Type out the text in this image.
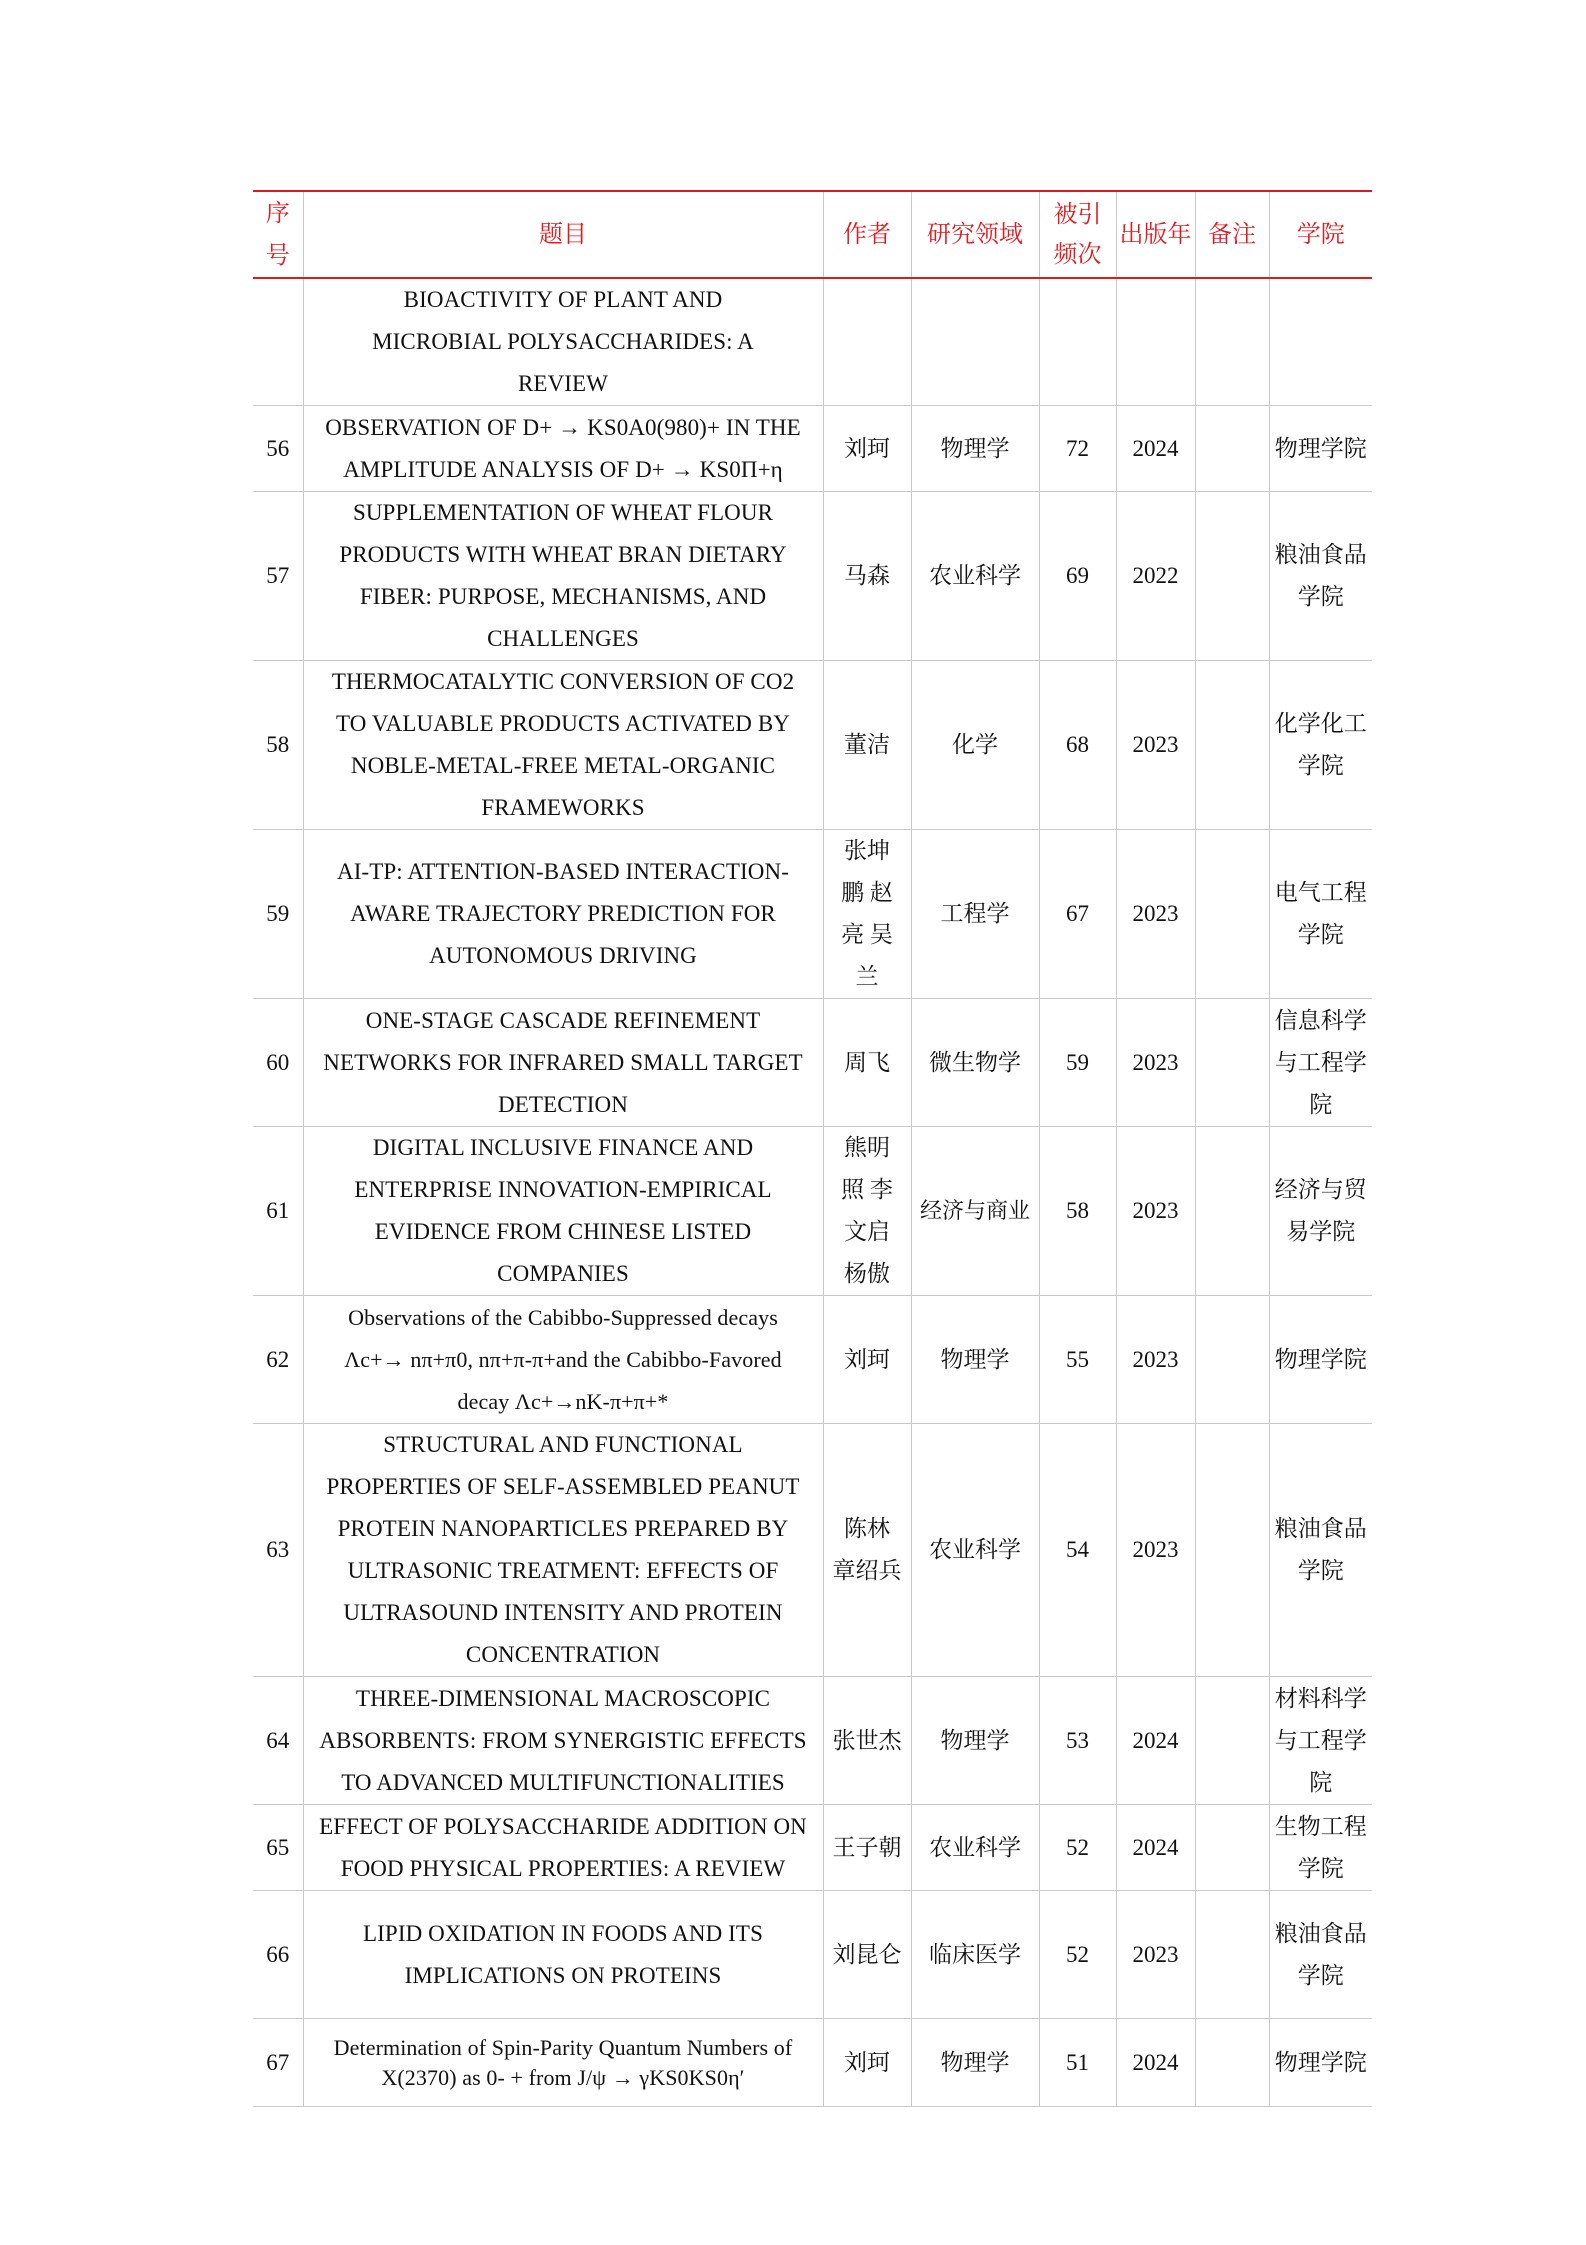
序号	题目	作者	研究领域	被引频次	出版年	备注	学院
	BIOACTIVITY OF PLANT AND MICROBIAL POLYSACCHARIDES: A REVIEW						
56	OBSERVATION OF D+ → KS0A0(980)+ IN THE AMPLITUDE ANALYSIS OF D+ → KS0Π+η	刘珂	物理学	72	2024		物理学院
57	SUPPLEMENTATION OF WHEAT FLOUR PRODUCTS WITH WHEAT BRAN DIETARY FIBER: PURPOSE, MECHANISMS, AND CHALLENGES	马森	农业科学	69	2022		粮油食品学院
58	THERMOCATALYTIC CONVERSION OF CO2 TO VALUABLE PRODUCTS ACTIVATED BY NOBLE-METAL-FREE METAL-ORGANIC FRAMEWORKS	董洁	化学	68	2023		化学化工学院
59	AI-TP: ATTENTION-BASED INTERACTION-AWARE TRAJECTORY PREDICTION FOR AUTONOMOUS DRIVING	张坤鹏 赵亮 吴兰	工程学	67	2023		电气工程学院
60	ONE-STAGE CASCADE REFINEMENT NETWORKS FOR INFRARED SMALL TARGET DETECTION	周飞	微生物学	59	2023		信息科学与工程学院
61	DIGITAL INCLUSIVE FINANCE AND ENTERPRISE INNOVATION-EMPIRICAL EVIDENCE FROM CHINESE LISTED COMPANIES	熊明照 李文启 杨傲	经济与商业	58	2023		经济与贸易学院
62	Observations of the Cabibbo-Suppressed decays Λc+→ nπ+π0, nπ+π-π+and the Cabibbo-Favored decay Λc+→nK-π+π+*	刘珂	物理学	55	2023		物理学院
63	STRUCTURAL AND FUNCTIONAL PROPERTIES OF SELF-ASSEMBLED PEANUT PROTEIN NANOPARTICLES PREPARED BY ULTRASONIC TREATMENT: EFFECTS OF ULTRASOUND INTENSITY AND PROTEIN CONCENTRATION	陈林 章绍兵	农业科学	54	2023		粮油食品学院
64	THREE-DIMENSIONAL MACROSCOPIC ABSORBENTS: FROM SYNERGISTIC EFFECTS TO ADVANCED MULTIFUNCTIONALITIES	张世杰	物理学	53	2024		材料科学与工程学院
65	EFFECT OF POLYSACCHARIDE ADDITION ON FOOD PHYSICAL PROPERTIES: A REVIEW	王子朝	农业科学	52	2024		生物工程学院
66	LIPID OXIDATION IN FOODS AND ITS IMPLICATIONS ON PROTEINS	刘昆仑	临床医学	52	2023		粮油食品学院
67	Determination of Spin-Parity Quantum Numbers of X(2370) as 0- + from J/ψ → γKS0KS0η′	刘珂	物理学	51	2024		物理学院
